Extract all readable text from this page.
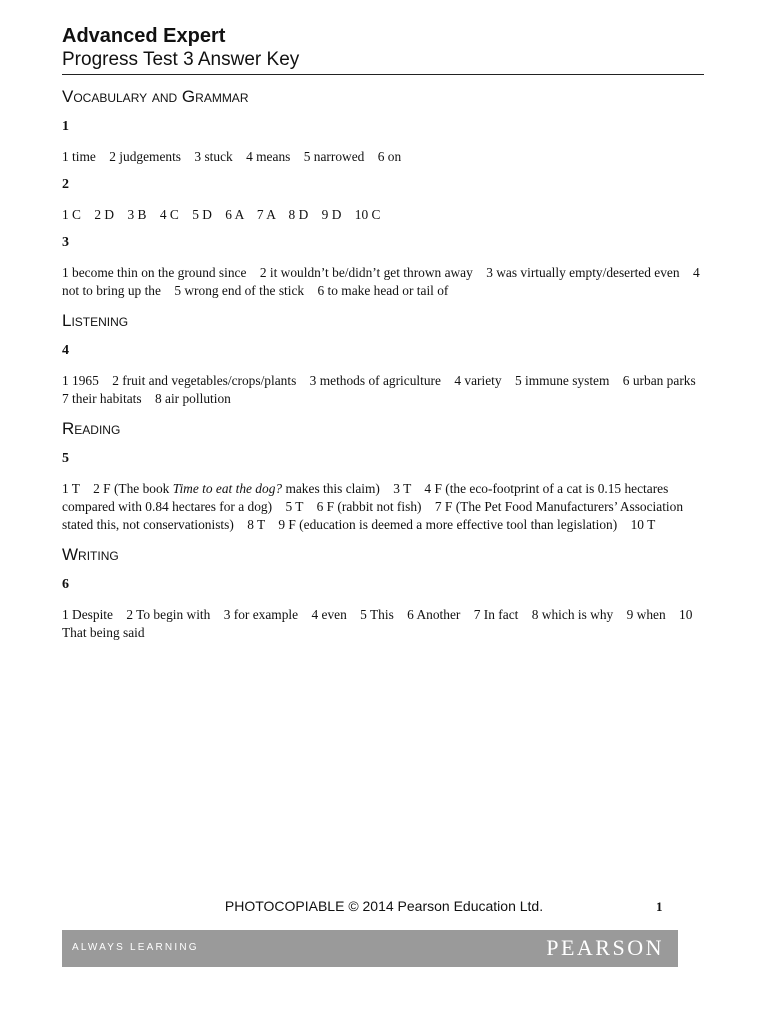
Advanced Expert

Progress Test 3 Answer Key

Vocabulary and Grammar

1

1 time    2 judgements    3 stuck    4 means    5 narrowed    6 on

2

1 C    2 D    3 B    4 C    5 D    6 A    7 A    8 D    9 D    10 C

3

1 become thin on the ground since    2 it wouldn’t be/didn’t get thrown away    3 was virtually empty/deserted even    4 not to bring up the    5 wrong end of the stick    6 to make head or tail of

Listening

4

1 1965    2 fruit and vegetables/crops/plants    3 methods of agriculture    4 variety    5 immune system    6 urban parks    7 their habitats    8 air pollution

Reading

5

1 T    2 F (The book Time to eat the dog? makes this claim)    3 T    4 F (the eco-footprint of a cat is 0.15 hectares compared with 0.84 hectares for a dog)    5 T    6 F (rabbit not fish)    7 F (The Pet Food Manufacturers’ Association stated this, not conservationists)    8 T    9 F (education is deemed a more effective tool than legislation)    10 T

Writing

6

1 Despite    2 To begin with    3 for example    4 even    5 This    6 Another    7 In fact    8 which is why    9 when    10 That being said

PHOTOCOPIABLE © 2014 Pearson Education Ltd.	1
ALWAYS LEARNING	PEARSON
